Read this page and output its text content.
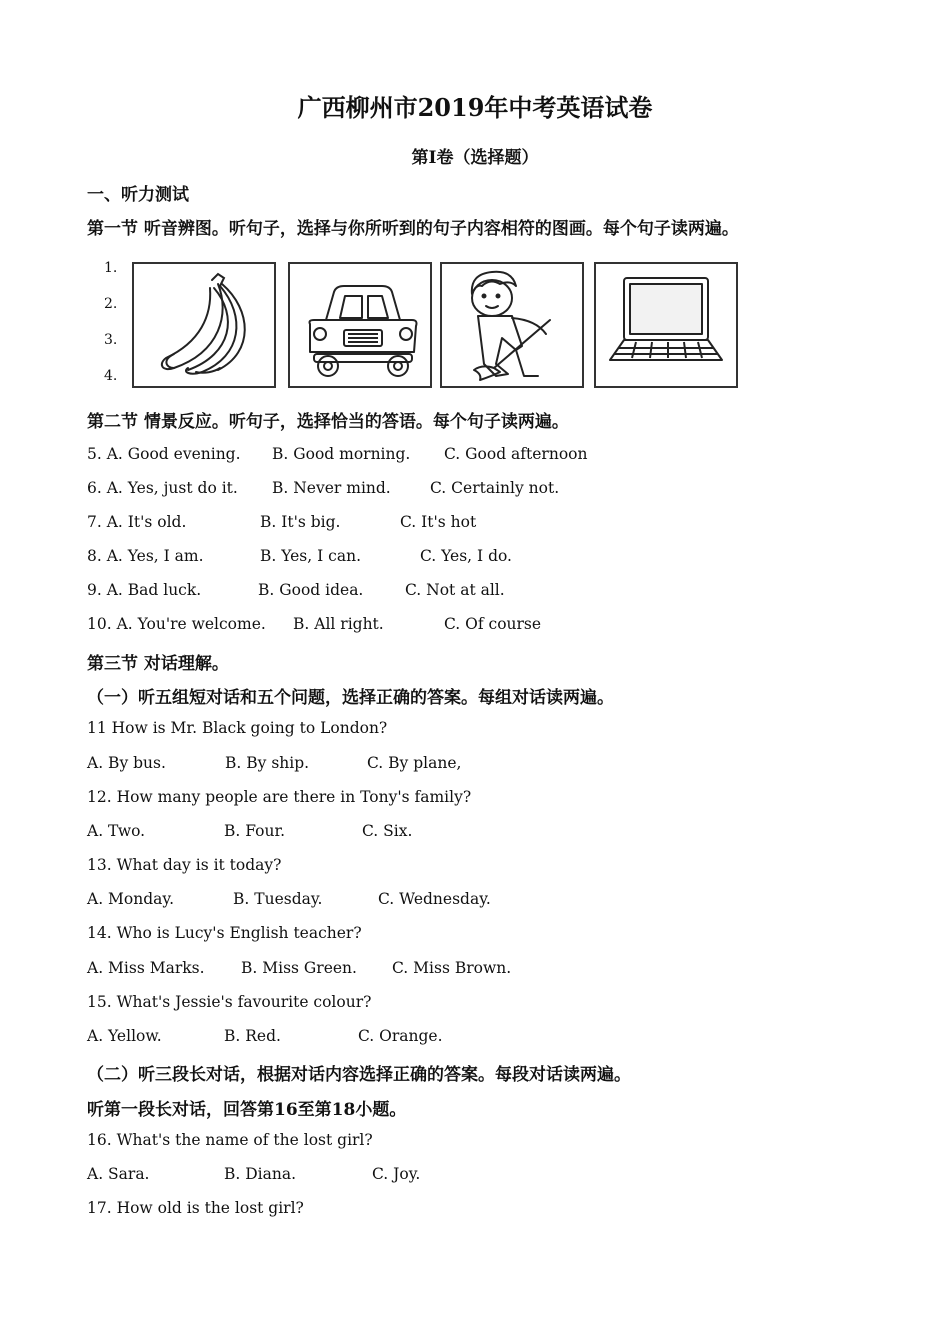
广西柳州市2019年中考英语试卷
第I卷（选择题）
一、听力测试
第一节 听音辨图。听句子，选择与你所听到的句子内容相符的图画。每个句子读两遍。
1.
2.
3.
4.
第二节 情景反应。听句子，选择恰当的答语。每个句子读两遍。
5. A. Good evening. B. Good morning. C. Good afternoon
6. A. Yes, just do it. B. Never mind.	C. Certainly not.
7. A. It's old.	B. It's big.	C. It's hot
8. A. Yes, I am.	B. Yes, I can.	C. Yes, I do.
9. A. Bad luck.	B. Good idea.	C. Not at all.
10. A. You're welcome. B. All right.	C. Of course
第三节 对话理解。
（一）听五组短对话和五个问题，选择正确的答案。每组对话读两遍。
11 How is Mr. Black going to London?
A. By bus.	B. By ship.	C. By plane,
12. How many people are there in Tony's family?
A. Two.	B. Four.	C. Six.
13. What day is it today?
A. Monday.	B. Tuesday.	C. Wednesday.
14. Who is Lucy's English teacher?
A. Miss Marks. B. Miss Green. C. Miss Brown.
15. What's Jessie's favourite colour?
A. Yellow.	B. Red.	C. Orange.
（二）听三段长对话，根据对话内容选择正确的答案。每段对话读两遍。
听第一段长对话，回答第16至第18小题。
16. What's the name of the lost girl?
A. Sara.	B. Diana.	C. Joy.
17. How old is the lost girl?
